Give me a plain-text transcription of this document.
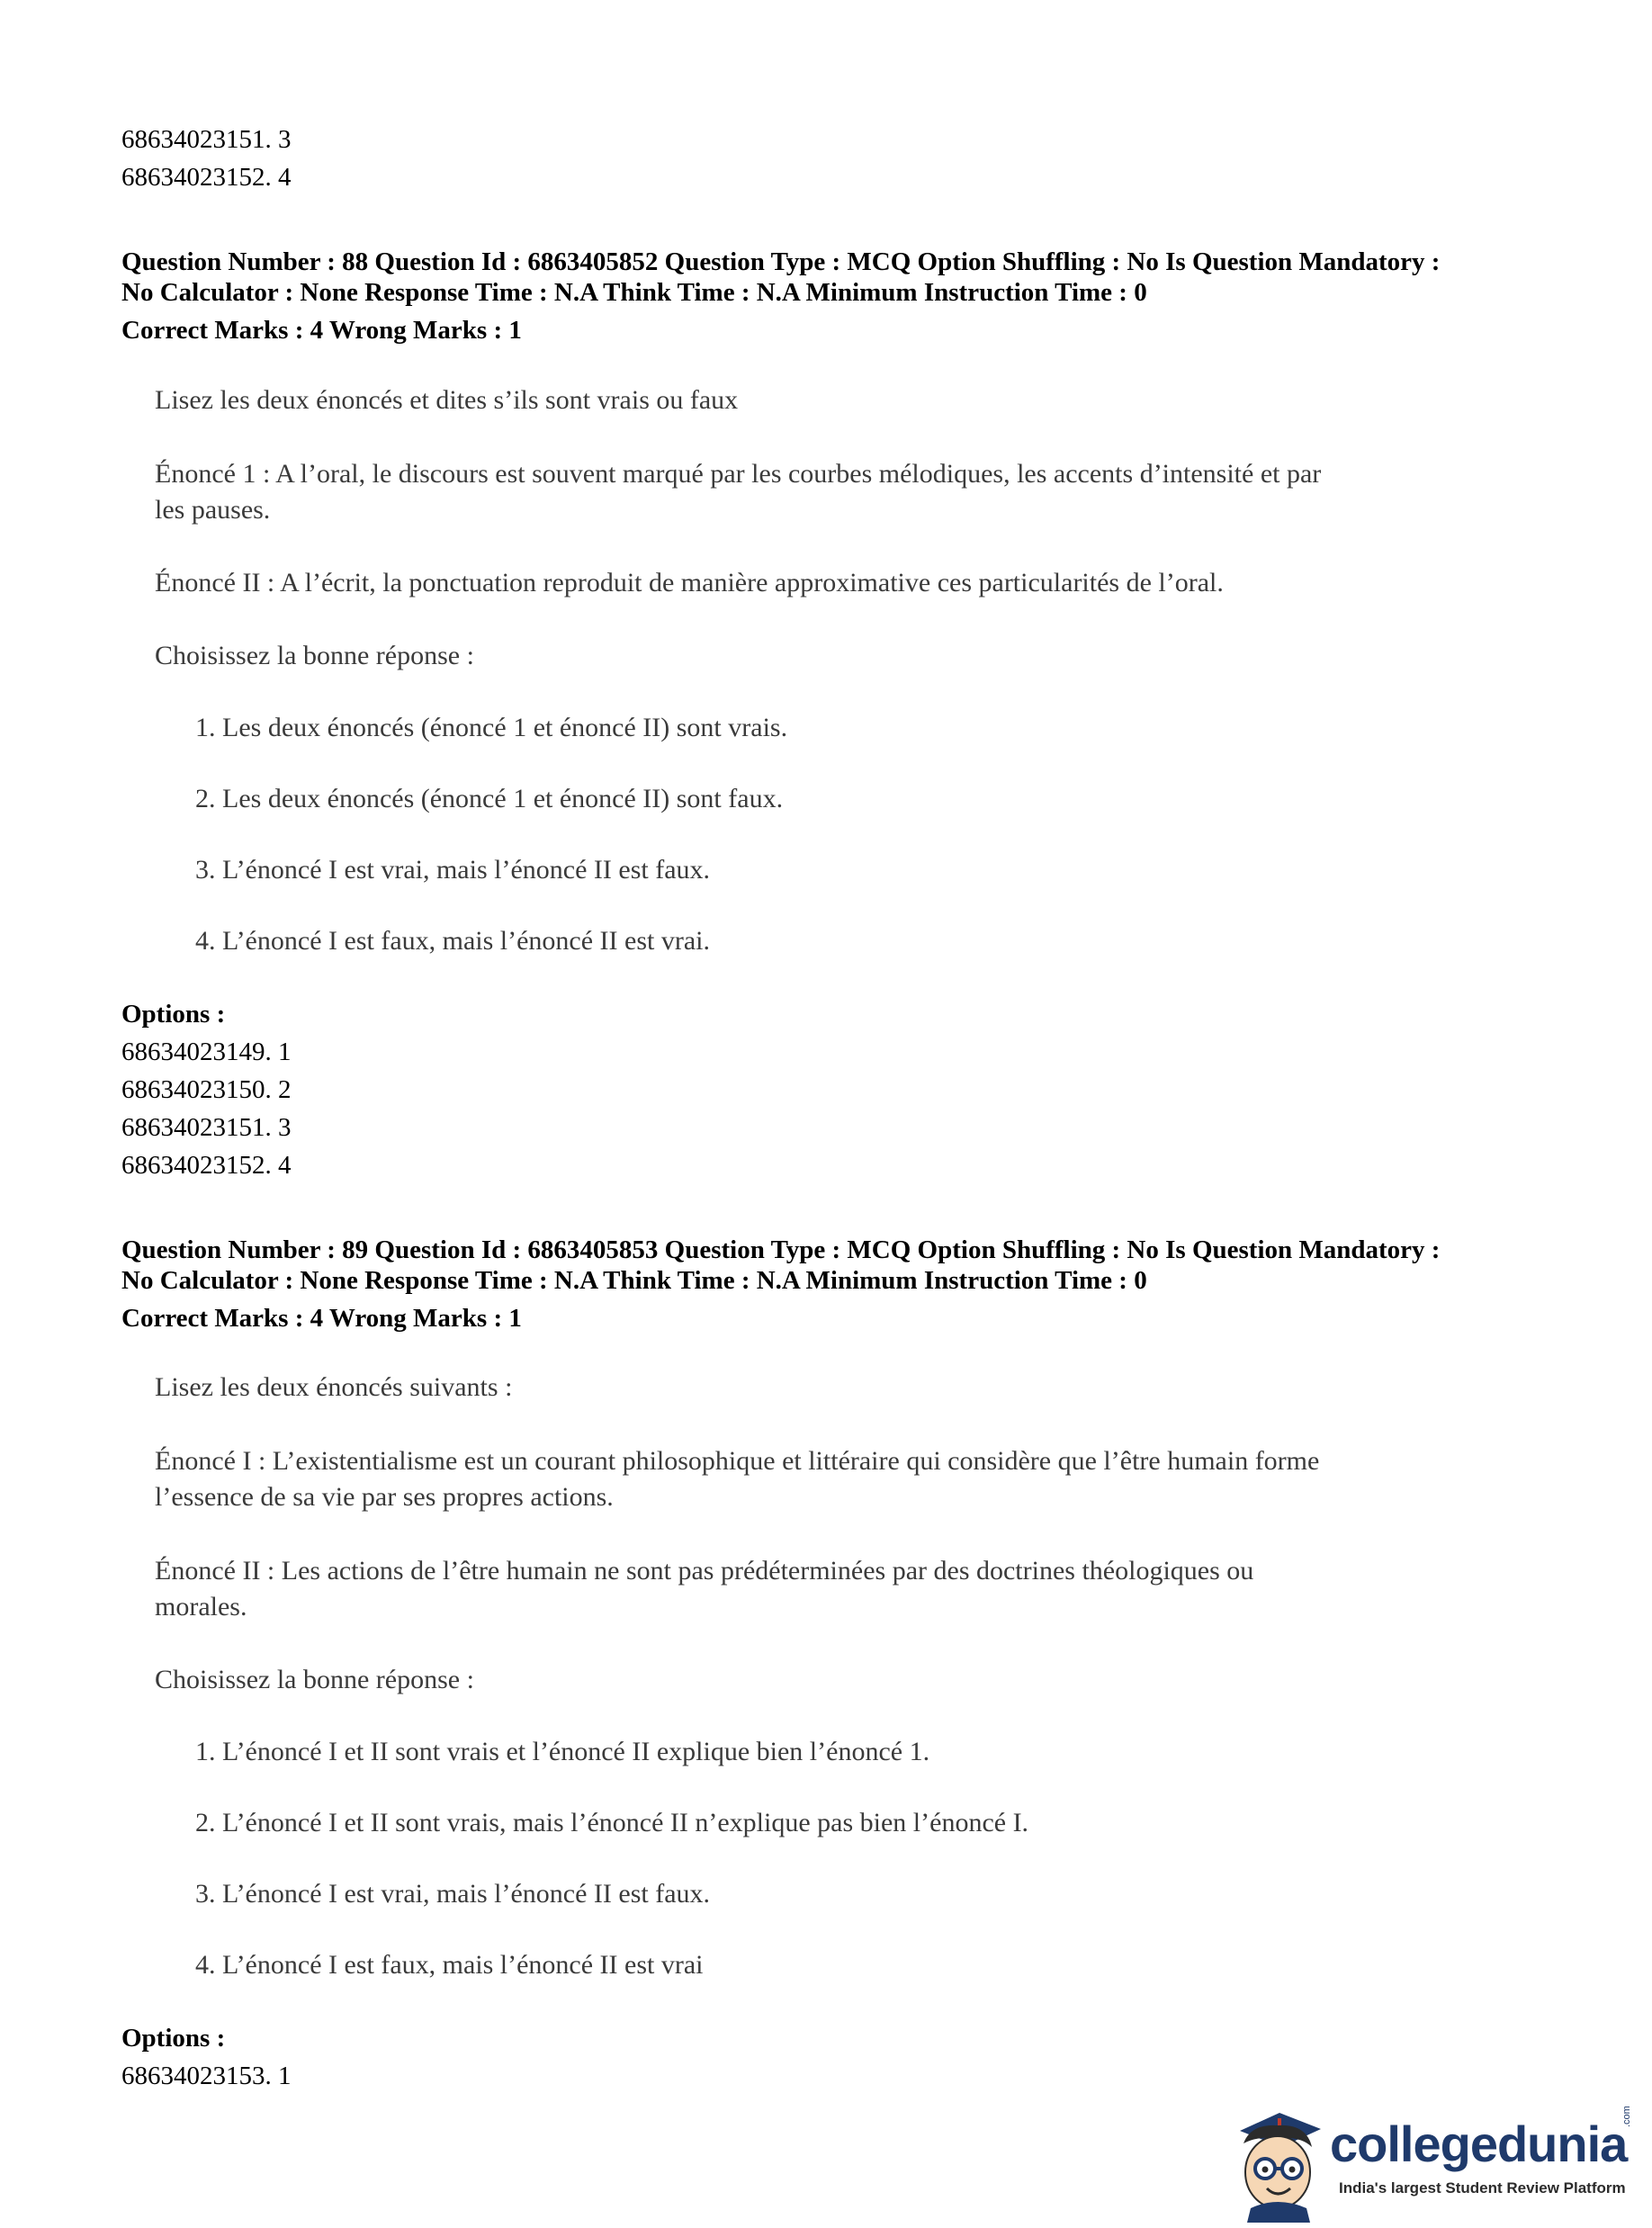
68634023151. 3
68634023152. 4
Question Number : 88 Question Id : 6863405852 Question Type : MCQ Option Shuffling : No Is Question Mandatory :
No Calculator : None Response Time : N.A Think Time : N.A Minimum Instruction Time : 0
Correct Marks : 4 Wrong Marks : 1

Lisez les deux énoncés et dites s’ils sont vrais ou faux

Énoncé 1 : A l’oral, le discours est souvent marqué par les courbes mélodiques, les accents d’intensité et par

les pauses.

Énoncé II : A l’écrit, la ponctuation reproduit de manière approximative ces particularités de l’oral.

Choisissez la bonne réponse :

1. Les deux énoncés (énoncé 1 et énoncé II) sont vrais.

2. Les deux énoncés (énoncé 1 et énoncé II) sont faux.

3. L’énoncé I est vrai, mais l’énoncé II est faux.

4. L’énoncé I est faux, mais l’énoncé II est vrai.

Options :
68634023149. 1
68634023150. 2
68634023151. 3
68634023152. 4
Question Number : 89 Question Id : 6863405853 Question Type : MCQ Option Shuffling : No Is Question Mandatory :
No Calculator : None Response Time : N.A Think Time : N.A Minimum Instruction Time : 0
Correct Marks : 4 Wrong Marks : 1

Lisez les deux énoncés suivants :

Énoncé I : L’existentialisme est un courant philosophique et littéraire qui considère que l’être humain forme

l’essence de sa vie par ses propres actions.

Énoncé II : Les actions de l’être humain ne sont pas prédéterminées par des doctrines théologiques ou

morales.

Choisissez la bonne réponse :

1. L’énoncé I et II sont vrais et l’énoncé II explique bien l’énoncé 1.

2. L’énoncé I et II sont vrais, mais l’énoncé II n’explique pas bien l’énoncé I.

3. L’énoncé I est vrai, mais l’énoncé II est faux.

4. L’énoncé I est faux, mais l’énoncé II est vrai

Options :
68634023153. 1
collegedunia
.com
India's largest Student Review Platform
